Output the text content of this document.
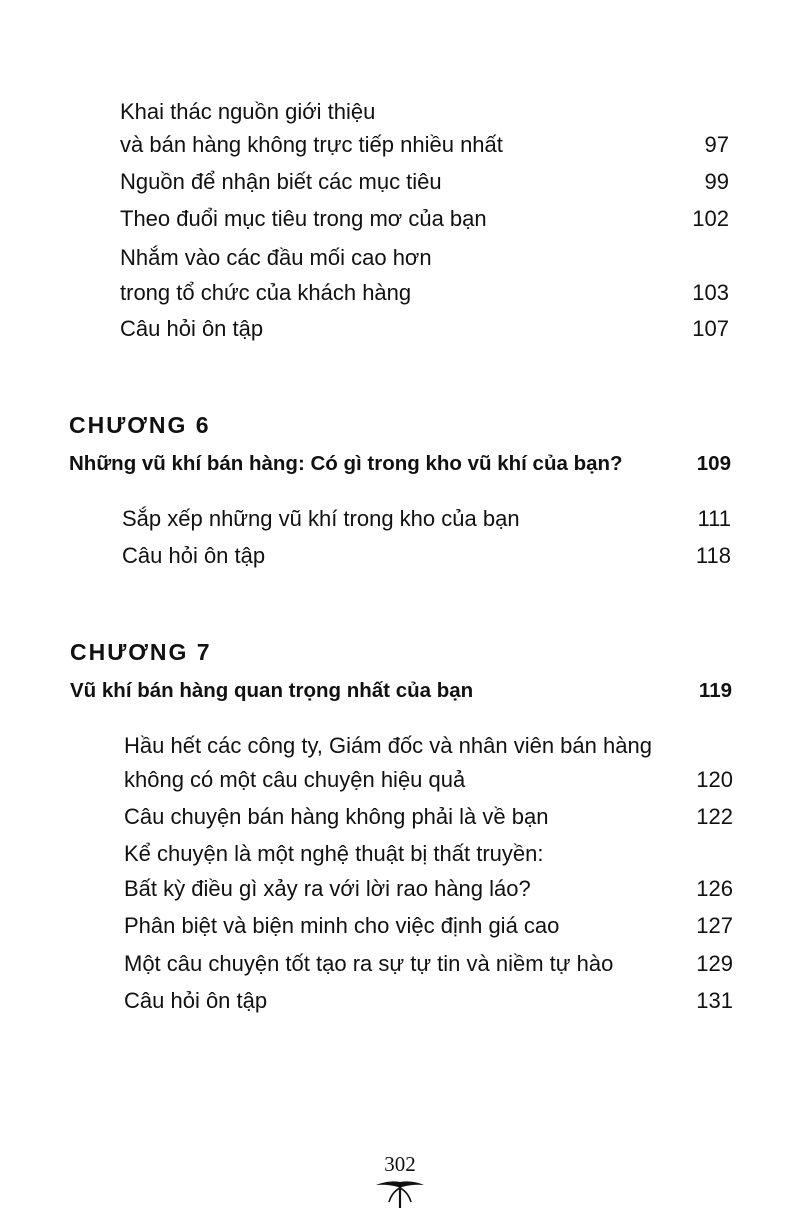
Khai thác nguồn giới thiệu
và bán hàng không trực tiếp nhiều nhất	97
Nguồn để nhận biết các mục tiêu	99
Theo đuổi mục tiêu trong mơ của bạn	102
Nhắm vào các đầu mối cao hơn
trong tổ chức của khách hàng	103
Câu hỏi ôn tập	107
CHƯƠNG 6
Những vũ khí bán hàng: Có gì trong kho vũ khí của bạn?	109
Sắp xếp những vũ khí trong kho của bạn	111
Câu hỏi ôn tập	118
CHƯƠNG 7
Vũ khí bán hàng quan trọng nhất của bạn	119
Hầu hết các công ty, Giám đốc và nhân viên bán hàng
không có một câu chuyện hiệu quả	120
Câu chuyện bán hàng không phải là về bạn	122
Kể chuyện là một nghệ thuật bị thất truyền:
Bất kỳ điều gì xảy ra với lời rao hàng láo?	126
Phân biệt và biện minh cho việc định giá cao	127
Một câu chuyện tốt tạo ra sự tự tin và niềm tự hào	129
Câu hỏi ôn tập	131
302
